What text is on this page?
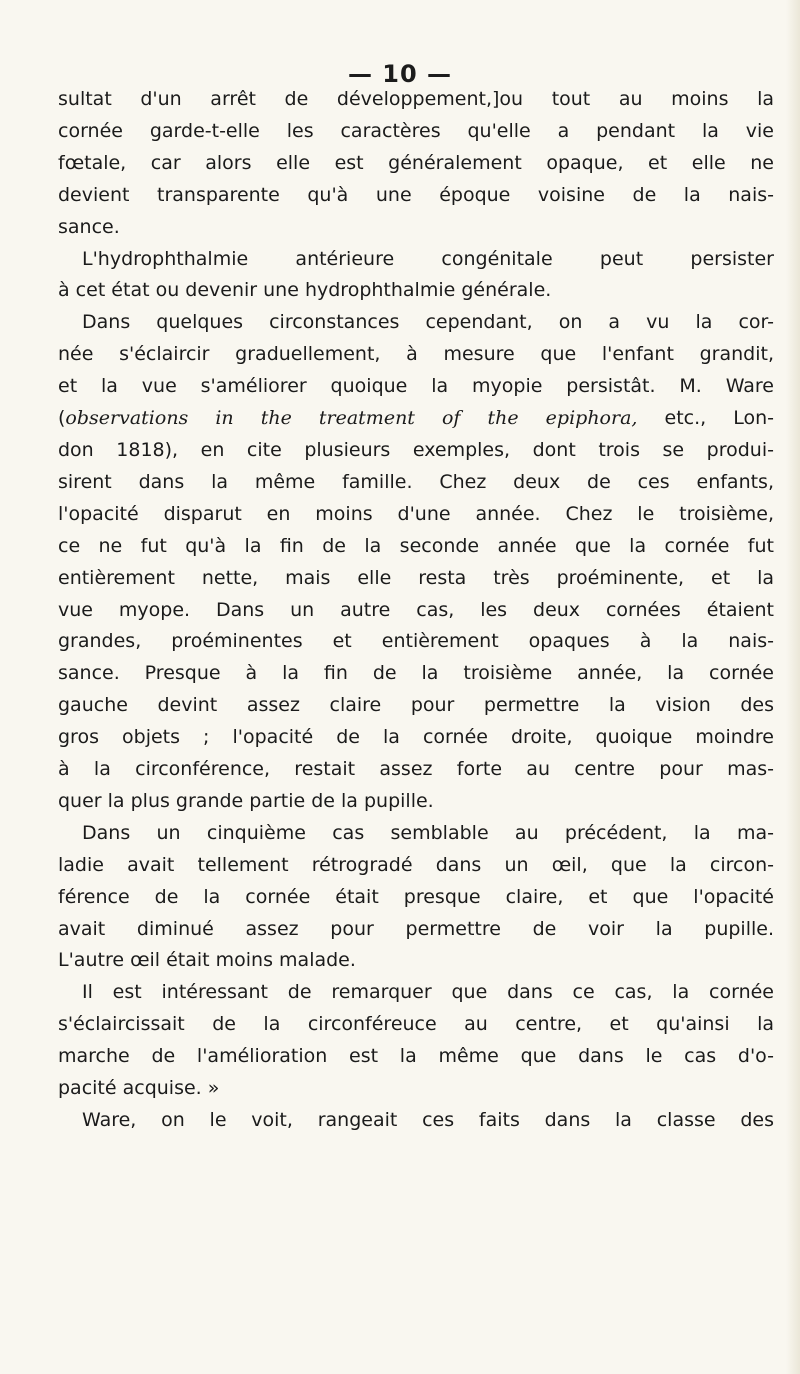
— 10 —
sultat d'un arrêt de développement,]ou tout au moins la
cornée garde-t-elle les caractères qu'elle a pendant la vie
fœtale, car alors elle est généralement opaque, et elle ne
devient transparente qu'à une époque voisine de la nais-
sance.
L'hydrophthalmie antérieure congénitale peut persister
à cet état ou devenir une hydrophthalmie générale.
Dans quelques circonstances cependant, on a vu la cor-
née s'éclaircir graduellement, à mesure que l'enfant grandit,
et la vue s'améliorer quoique la myopie persistât. M. Ware
(observations in the treatment of the epiphora, etc., Lon-
don 1818), en cite plusieurs exemples, dont trois se produi-
sirent dans la même famille. Chez deux de ces enfants,
l'opacité disparut en moins d'une année. Chez le troisième,
ce ne fut qu'à la fin de la seconde année que la cornée fut
entièrement nette, mais elle resta très proéminente, et la
vue myope. Dans un autre cas, les deux cornées étaient
grandes, proéminentes et entièrement opaques à la nais-
sance. Presque à la fin de la troisième année, la cornée
gauche devint assez claire pour permettre la vision des
gros objets ; l'opacité de la cornée droite, quoique moindre
à la circonférence, restait assez forte au centre pour mas-
quer la plus grande partie de la pupille.
Dans un cinquième cas semblable au précédent, la ma-
ladie avait tellement rétrogradé dans un œil, que la circon-
férence de la cornée était presque claire, et que l'opacité
avait diminué assez pour permettre de voir la pupille.
L'autre œil était moins malade.
Il est intéressant de remarquer que dans ce cas, la cornée
s'éclaircissait de la circonféreuce au centre, et qu'ainsi la
marche de l'amélioration est la même que dans le cas d'o-
pacité acquise. »
Ware, on le voit, rangeait ces faits dans la classe des
